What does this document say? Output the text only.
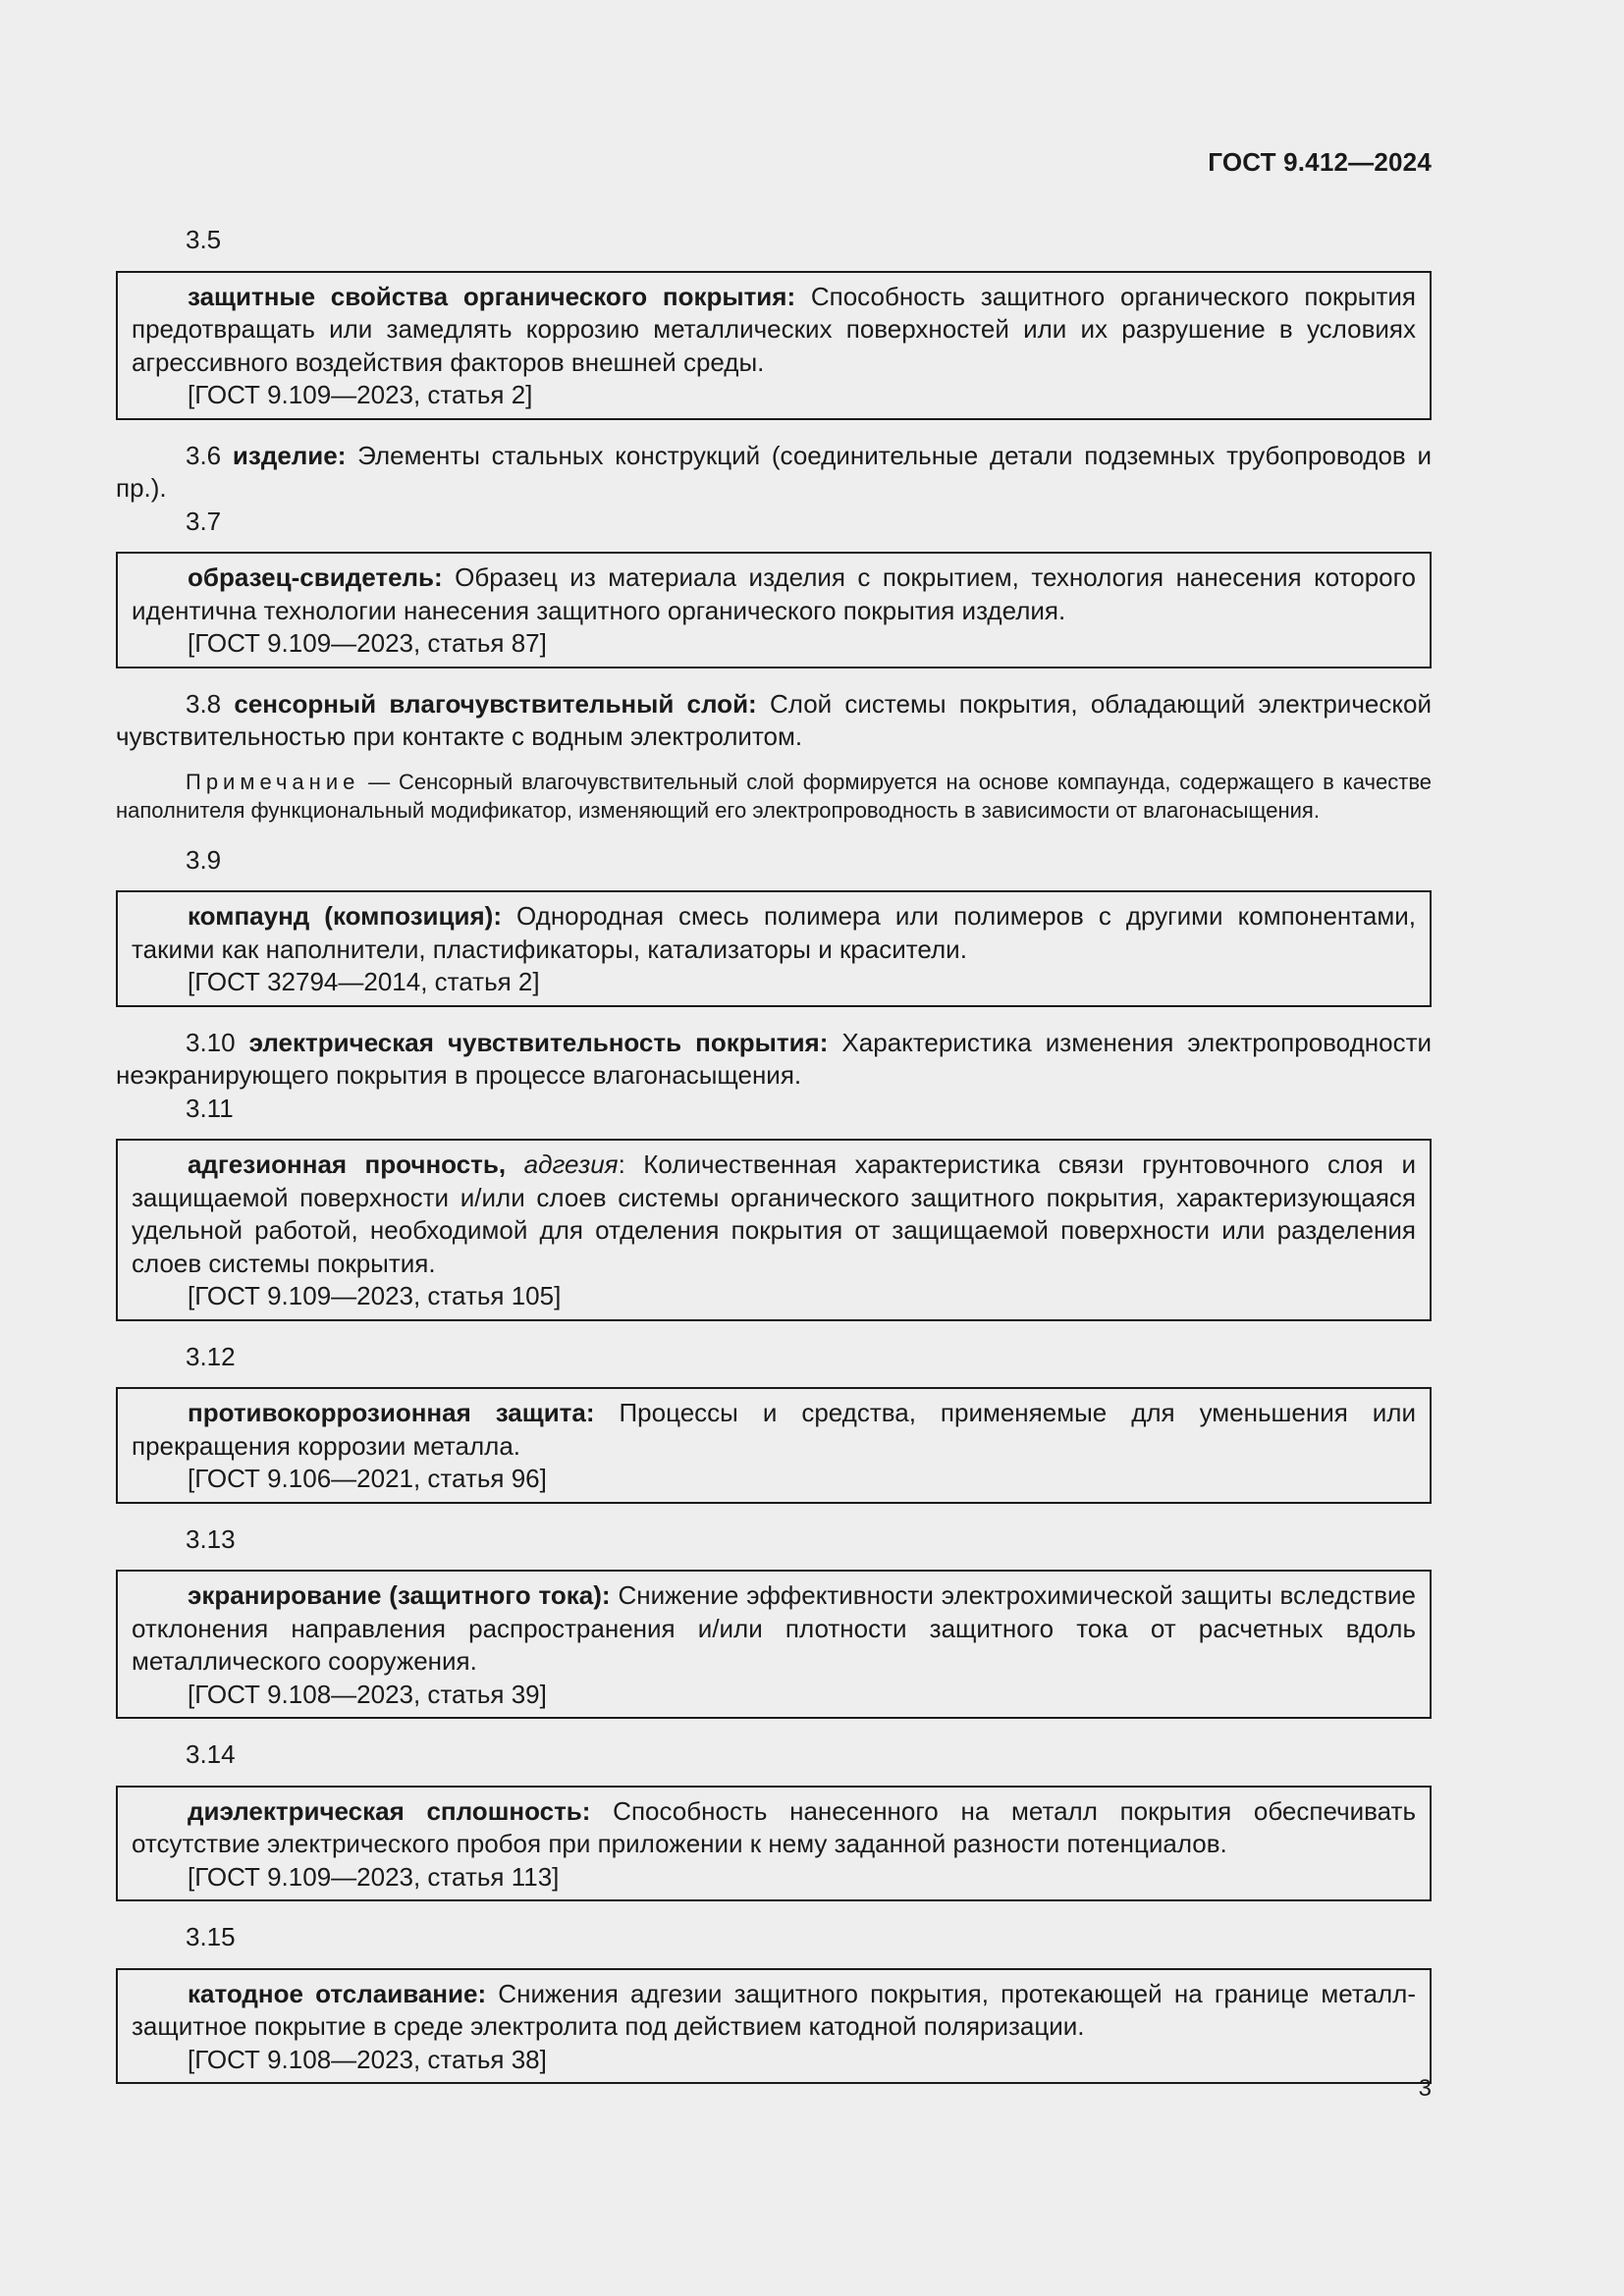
ГОСТ 9.412—2024
3.5

защитные свойства органического покрытия: Способность защитного органического покрытия предотвращать или замедлять коррозию металлических поверхностей или их разрушение в условиях агрессивного воздействия факторов внешней среды.

[ГОСТ 9.109—2023, статья 2]

3.6 изделие: Элементы стальных конструкций (соединительные детали подземных трубопроводов и пр.).

3.7

образец-свидетель: Образец из материала изделия с покрытием, технология нанесения которого идентична технологии нанесения защитного органического покрытия изделия.

[ГОСТ 9.109—2023, статья 87]

3.8 сенсорный влагочувствительный слой: Слой системы покрытия, обладающий электрической чувствительностью при контакте с водным электролитом.

Примечание — Сенсорный влагочувствительный слой формируется на основе компаунда, содержащего в качестве наполнителя функциональный модификатор, изменяющий его электропроводность в зависимости от влагонасыщения.
3.9

компаунд (композиция): Однородная смесь полимера или полимеров с другими компонентами, такими как наполнители, пластификаторы, катализаторы и красители.

[ГОСТ 32794—2014, статья 2]

3.10 электрическая чувствительность покрытия: Характеристика изменения электропроводности неэкранирующего покрытия в процессе влагонасыщения.

3.11

адгезионная прочность, адгезия: Количественная характеристика связи грунтовочного слоя и защищаемой поверхности и/или слоев системы органического защитного покрытия, характеризующаяся удельной работой, необходимой для отделения покрытия от защищаемой поверхности или разделения слоев системы покрытия.

[ГОСТ 9.109—2023, статья 105]

3.12

противокоррозионная защита: Процессы и средства, применяемые для уменьшения или прекращения коррозии металла.

[ГОСТ 9.106—2021, статья 96]

3.13

экранирование (защитного тока): Снижение эффективности электрохимической защиты вследствие отклонения направления распространения и/или плотности защитного тока от расчетных вдоль металлического сооружения.

[ГОСТ 9.108—2023, статья 39]

3.14

диэлектрическая сплошность: Способность нанесенного на металл покрытия обеспечивать отсутствие электрического пробоя при приложении к нему заданной разности потенциалов.

[ГОСТ 9.109—2023, статья 113]

3.15

катодное отслаивание: Снижения адгезии защитного покрытия, протекающей на границе металл-защитное покрытие в среде электролита под действием катодной поляризации.

[ГОСТ 9.108—2023, статья 38]

3
